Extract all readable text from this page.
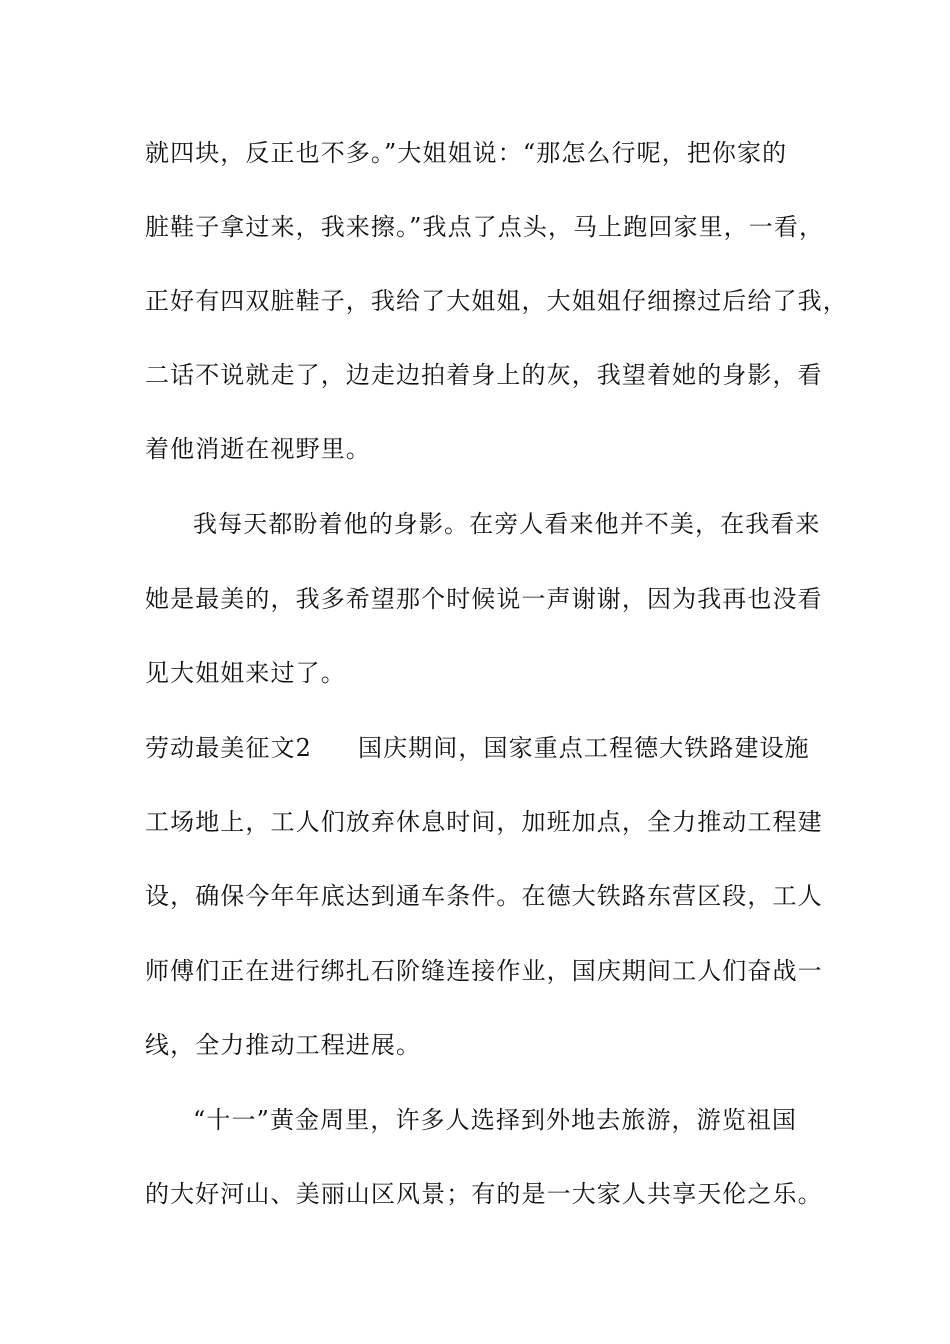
就四块，反正也不多。”大姐姐说：“那怎么行呢，把你家的
脏鞋子拿过来，我来擦。”我点了点头，马上跑回家里，一看，
正好有四双脏鞋子，我给了大姐姐，大姐姐仔细擦过后给了我，
二话不说就走了，边走边拍着身上的灰，我望着她的身影，看
着他消逝在视野里。
我每天都盼着他的身影。在旁人看来他并不美，在我看来
她是最美的，我多希望那个时候说一声谢谢，因为我再也没看
见大姐姐来过了。
劳动最美征文2 国庆期间，国家重点工程德大铁路建设施
工场地上，工人们放弃休息时间，加班加点，全力推动工程建
设，确保今年年底达到通车条件。在德大铁路东营区段，工人
师傅们正在进行绑扎石阶缝连接作业，国庆期间工人们奋战一
线，全力推动工程进展。
“十一”黄金周里，许多人选择到外地去旅游，游览祖国
的大好河山、美丽山区风景；有的是一大家人共享天伦之乐。
